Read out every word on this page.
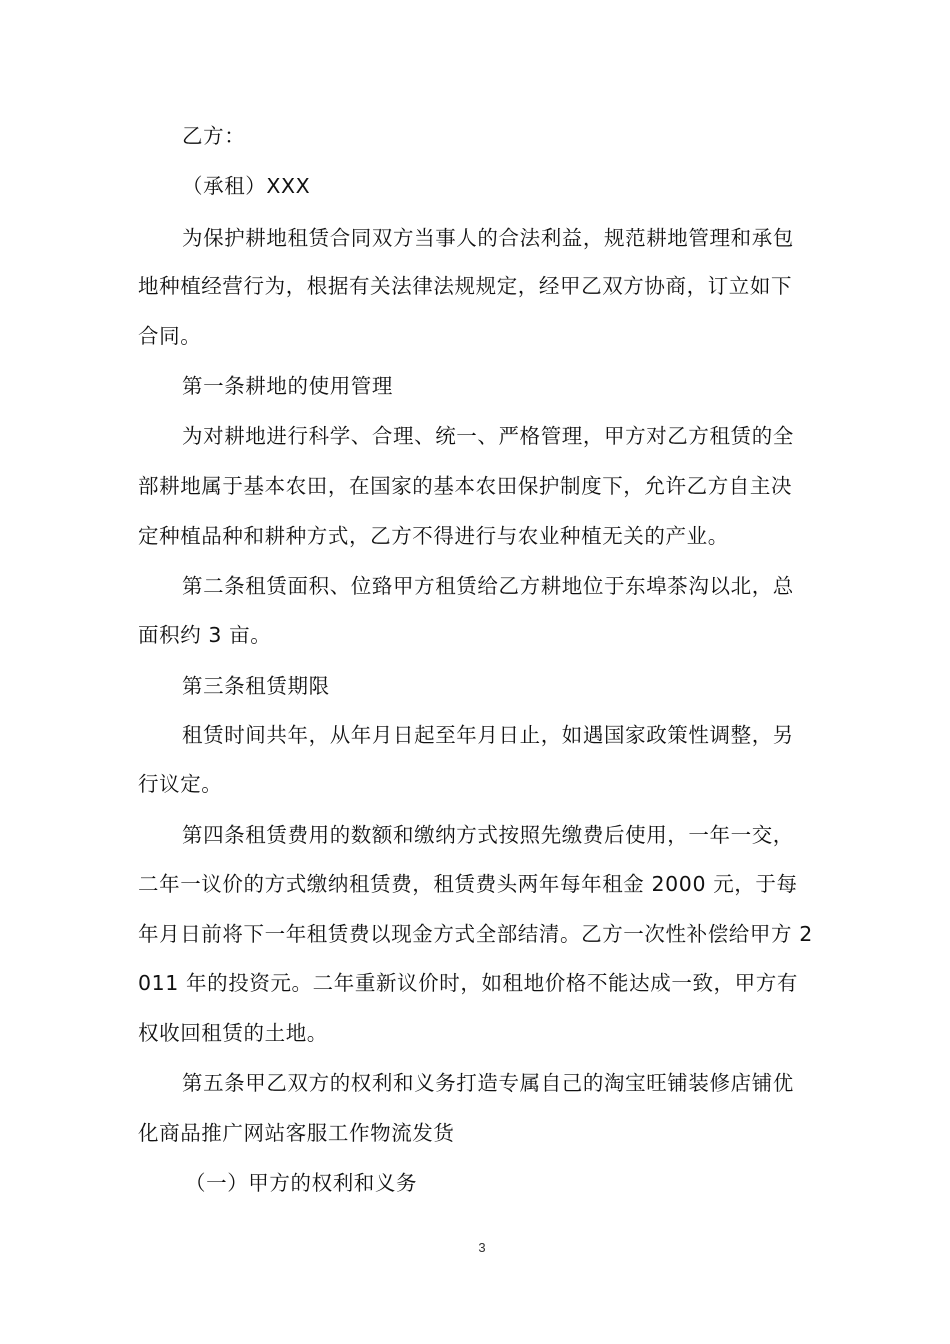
乙方：
（承租）XXX
为保护耕地租赁合同双方当事人的合法利益，规范耕地管理和承包
地种植经营行为，根据有关法律法规规定，经甲乙双方协商，订立如下
合同。
第一条耕地的使用管理
为对耕地进行科学、合理、统一、严格管理，甲方对乙方租赁的全
部耕地属于基本农田，在国家的基本农田保护制度下，允许乙方自主决
定种植品种和耕种方式，乙方不得进行与农业种植无关的产业。
第二条租赁面积、位臵甲方租赁给乙方耕地位于东埠茶沟以北，总
面积约 3 亩。
第三条租赁期限
租赁时间共年，从年月日起至年月日止，如遇国家政策性调整，另
行议定。
第四条租赁费用的数额和缴纳方式按照先缴费后使用，一年一交，
二年一议价的方式缴纳租赁费，租赁费头两年每年租金 2000 元，于每
年月日前将下一年租赁费以现金方式全部结清。乙方一次性补偿给甲方 2
011 年的投资元。二年重新议价时，如租地价格不能达成一致，甲方有
权收回租赁的土地。
第五条甲乙双方的权利和义务打造专属自己的淘宝旺铺装修店铺优
化商品推广网站客服工作物流发货
（一）甲方的权利和义务
3
